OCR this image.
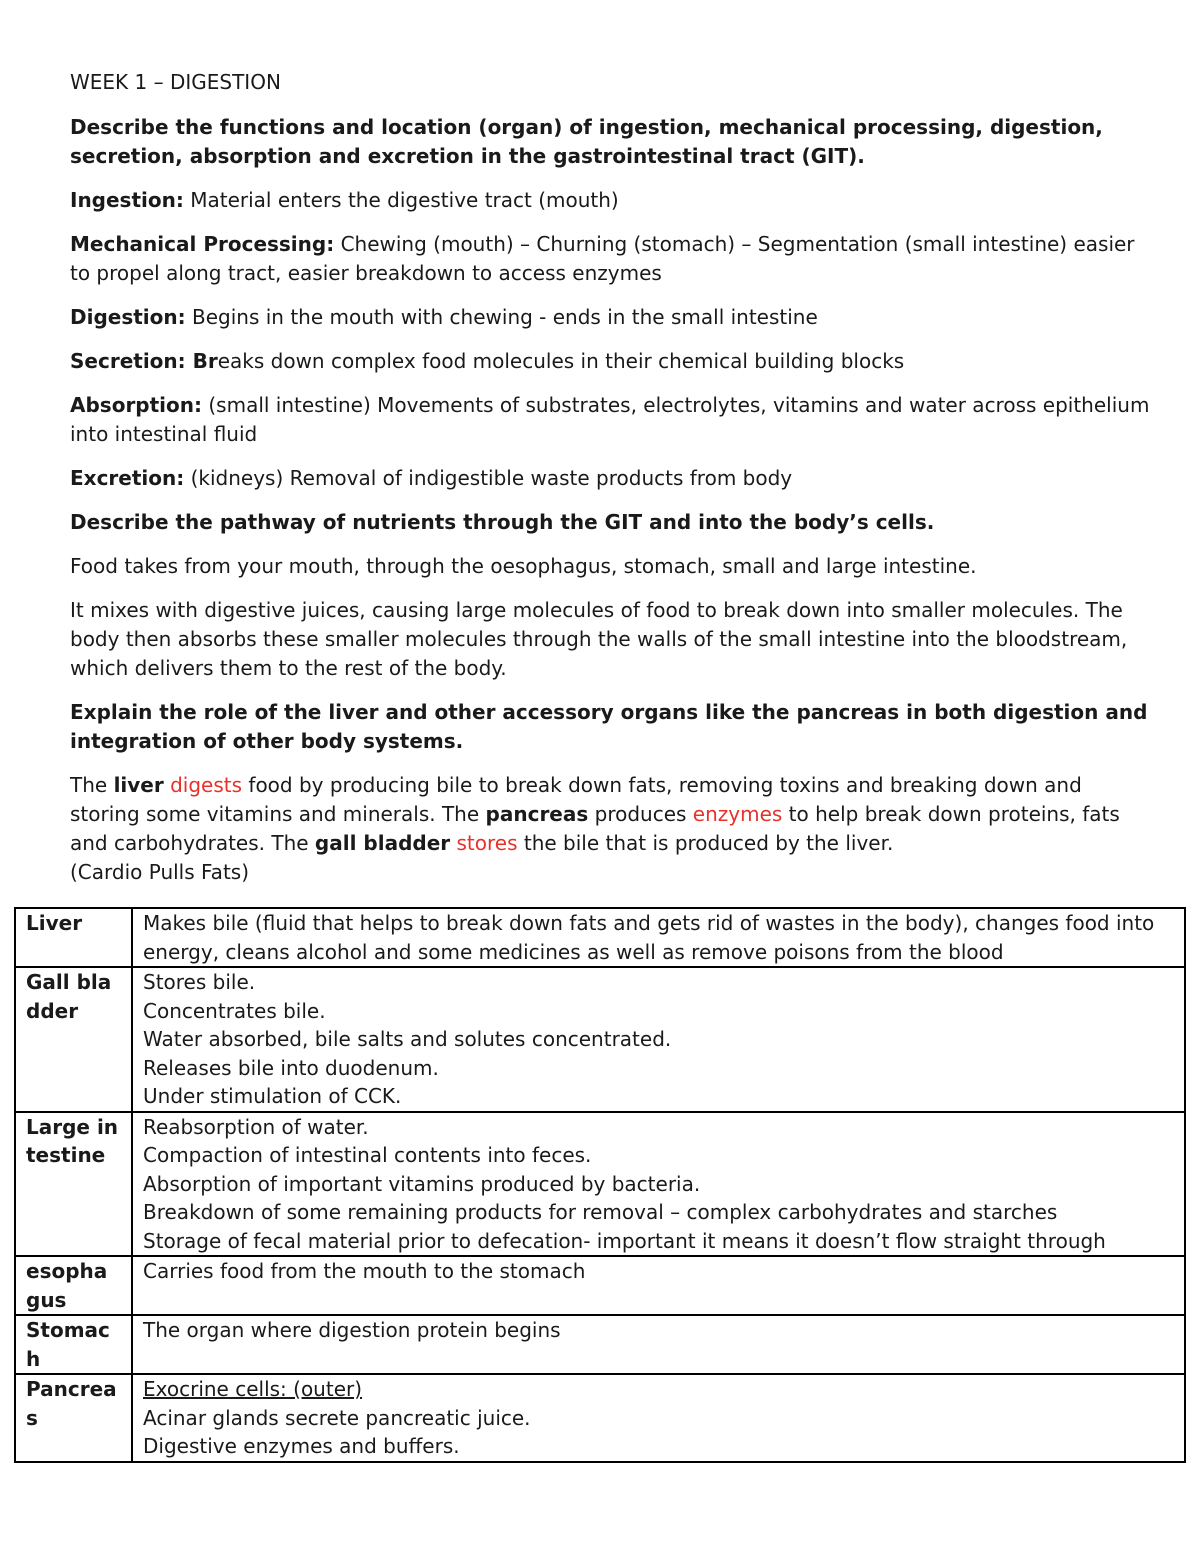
WEEK 1 – DIGESTION

Describe the functions and location (organ) of ingestion, mechanical processing, digestion, secretion, absorption and excretion in the gastrointestinal tract (GIT).

Ingestion: Material enters the digestive tract (mouth)

Mechanical Processing: Chewing (mouth) – Churning (stomach) – Segmentation (small intestine) easier to propel along tract, easier breakdown to access enzymes

Digestion: Begins in the mouth with chewing - ends in the small intestine

Secretion: Breaks down complex food molecules in their chemical building blocks

Absorption: (small intestine) Movements of substrates, electrolytes, vitamins and water across epithelium into intestinal fluid

Excretion: (kidneys) Removal of indigestible waste products from body

Describe the pathway of nutrients through the GIT and into the body’s cells.

Food takes from your mouth, through the oesophagus, stomach, small and large intestine.

It mixes with digestive juices, causing large molecules of food to break down into smaller molecules. The body then absorbs these smaller molecules through the walls of the small intestine into the bloodstream, which delivers them to the rest of the body.

Explain the role of the liver and other accessory organs like the pancreas in both digestion and integration of other body systems.

The liver digests food by producing bile to break down fats, removing toxins and breaking down and storing some vitamins and minerals. The pancreas produces enzymes to help break down proteins, fats and carbohydrates. The gall bladder stores the bile that is produced by the liver.
(Cardio Pulls Fats)

Liver	Makes bile (fluid that helps to break down fats and gets rid of wastes in the body), changes food into energy, cleans alcohol and some medicines as well as remove poisons from the blood

Gall bladder	Stores bile.
Concentrates bile.
Water absorbed, bile salts and solutes concentrated.
Releases bile into duodenum.
Under stimulation of CCK.

Large intestine	Reabsorption of water.
Compaction of intestinal contents into feces.
Absorption of important vitamins produced by bacteria.
Breakdown of some remaining products for removal – complex carbohydrates and starches
Storage of fecal material prior to defecation- important it means it doesn’t flow straight through

esophagus	Carries food from the mouth to the stomach

Stomach	The organ where digestion protein begins

Pancreas	Exocrine cells: (outer)
Acinar glands secrete pancreatic juice.
Digestive enzymes and buffers.
